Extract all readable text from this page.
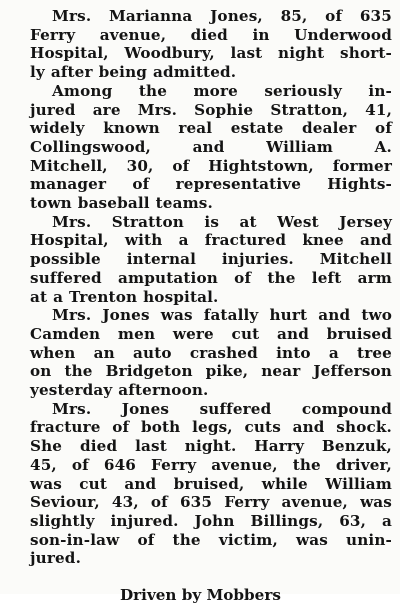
Mrs. Marianna Jones, 85, of 635
Ferry avenue, died in Underwood
Hospital, Woodbury, last night short-
ly after being admitted.

Among the more seriously in-
jured are Mrs. Sophie Stratton, 41,
widely known real estate dealer of
Collingswood, and William A.
Mitchell, 30, of Hightstown, former
manager of representative Hights-
town baseball teams.

Mrs. Stratton is at West Jersey
Hospital, with a fractured knee and
possible internal injuries. Mitchell
suffered amputation of the left arm
at a Trenton hospital.

Mrs. Jones was fatally hurt and two
Camden men were cut and bruised
when an auto crashed into a tree
on the Bridgeton pike, near Jefferson
yesterday afternoon.

Mrs. Jones suffered compound
fracture of both legs, cuts and shock.
She died last night. Harry Benzuk,
45, of 646 Ferry avenue, the driver,
was cut and bruised, while William
Seviour, 43, of 635 Ferry avenue, was
slightly injured. John Billings, 63, a
son-in-law of the victim, was unin-
jured.

Driven by Mobbers
